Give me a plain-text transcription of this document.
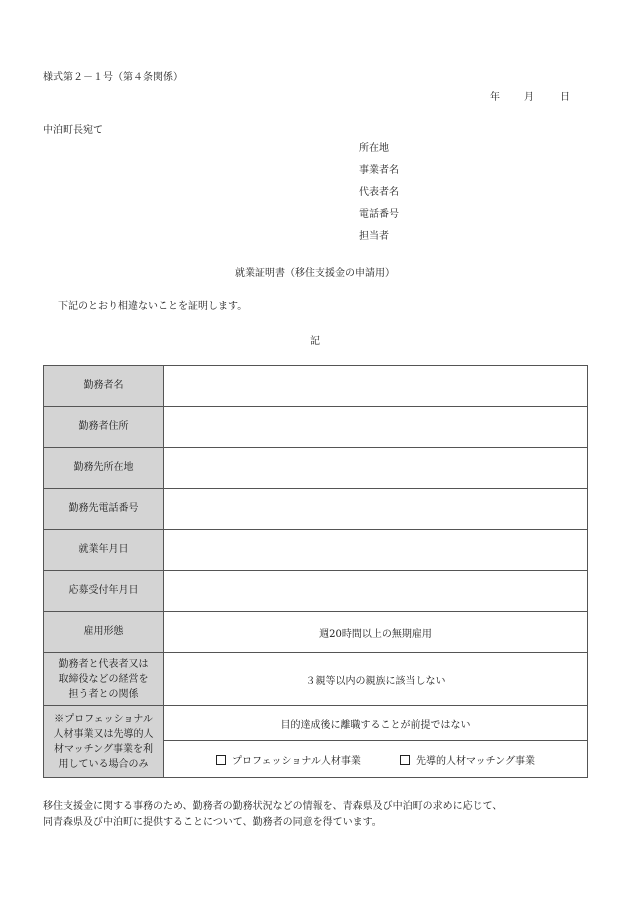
様式第２－１号（第４条関係）
年 月	日
中泊町長宛て
所在地
事業者名
代表者名
電話番号
担当者
就業証明書（移住支援金の申請用）
下記のとおり相違ないことを証明します。
記
勤務者名	
勤務者住所	
勤務先所在地	
勤務先電話番号	
就業年月日	
応募受付年月日	
雇用形態	週20時間以上の無期雇用

勤務者と代表者又は
取締役などの経営を
担う者との関係	３親等以内の親族に該当しない

※プロフェッショナル
人材事業又は先導的人
材マッチング事業を利
用している場合のみ	目的達成後に離職することが前提ではない
	プロフェッショナル人材事業 先導的人材マッチング事業
移住支援金に関する事務のため、勤務者の勤務状況などの情報を、青森県及び中泊町の求めに応じて、
同青森県及び中泊町に提供することについて、勤務者の同意を得ています。
